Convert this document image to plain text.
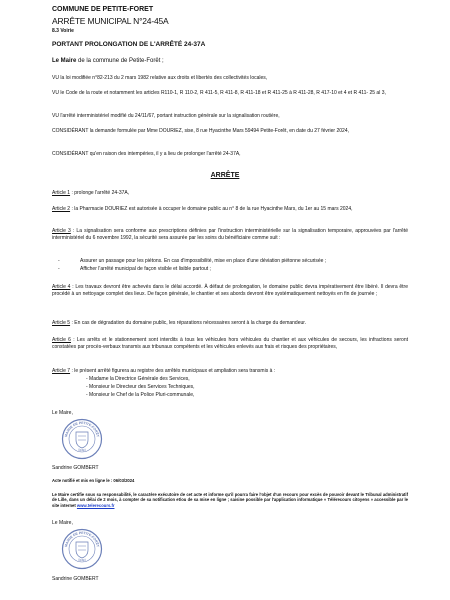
COMMUNE DE PETITE-FORET
ARRÊTE MUNICIPAL N°24-45A
8.3 Voirie
PORTANT PROLONGATION DE L'ARRÊTÉ 24-37A
Le Maire de la commune de Petite-Forêt ;
VU la loi modifiée n°82-213 du 2 mars 1982 relative aux droits et libertés des collectivités locales,
VU le Code de la route et notamment les articles R110-1, R 110-2, R 411-5, R 411-8, R 411-18 et R 411-25 à R 411-28, R 417-10 et 4 et R 411- 25 al 3,
VU l'arrêté interministériel modifié du 24/11/67, portant instruction générale sur la signalisation routière,
CONSIDÉRANT la demande formulée par Mme DOURIEZ, sise, 8 rue Hyacinthe Mars 59494 Petite-Forêt, en date du 27 février 2024,
CONSIDÉRANT qu'en raison des intempéries, il y a lieu de prolonger l'arrêté 24-37A,
ARRÊTE
Article 1 : prolonge l'arrêté 24-37A,
Article 2 : la Pharmacie DOURIEZ est autorisée à occuper le domaine public au n° 8 de la rue Hyacinthe Mars, du 1er au 15 mars 2024,
Article 3 : La signalisation sera conforme aux prescriptions définies par l'instruction interministérielle sur la signalisation temporaire, approuvées par l'arrêté interministériel du 6 novembre 1992, la sécurité sera assurée par les soins du bénéficiaire comme suit :
-	Assurer un passage pour les piétons. En cas d'impossibilité, mise en place d'une déviation piétonne sécurisée ;
-	Afficher l'arrêté municipal de façon visible et lisible partout ;
Article 4 : Les travaux devront être achevés dans le délai accordé. À défaut de prolongation, le domaine public devra impérativement être libéré. Il devra être procédé à un nettoyage complet des lieux. De façon générale, le chantier et ses abords devront être systématiquement nettoyés en fin de journée ;
Article 5 : En cas de dégradation du domaine public, les réparations nécessaires seront à la charge du demandeur.
Article 6 : Les arrêts et le stationnement sont interdits à tous les véhicules hors véhicules du chantier et aux véhicules de secours, les infractions seront constatées par procès-verbaux transmis aux tribunaux compétents et les véhicules enlevés aux frais et risques des propriétaires,
Article 7 : le présent arrêté figurera au registre des arrêtés municipaux et ampliation sera transmis à :
- Madame la Directrice Générale des Services,
- Monsieur le Directeur des Services Techniques,
- Monsieur le Chef de la Police Pluri-communale,
Le Maire,
MAIRIE DE PETITE-FORÊT
59494
Sandrine GOMBERT
Acte notifié et mis en ligne le : 06/03/2024
Le Maire certifie sous sa responsabilité, le caractère exécutoire de cet acte et informe qu'il pourra faire l'objet d'un recours pour excès de pouvoir devant le Tribunal administratif de Lille, dans un délai de 2 mois, à compter de sa notification et/ou de sa mise en ligne ; saisine possible par l'application informatique « Télérecours citoyens » accessible par le site internet www.telerecours.fr
Le Maire,
MAIRIE DE PETITE-FORÊT
59494
Sandrine GOMBERT
